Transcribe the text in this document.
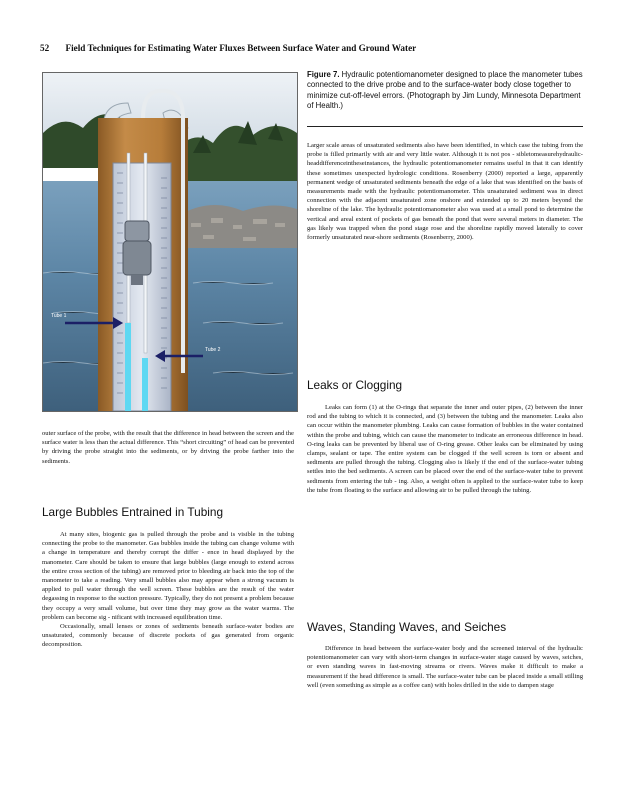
52 Field Techniques for Estimating Water Fluxes Between Surface Water and Ground Water
Tube 1
Tube 2
Figure 7. Hydraulic potentiomanometer designed to place the manometer tubes connected to the drive probe and to the surface-water body close together to minimize cut-off-level errors. (Photograph by Jim Lundy, Minnesota Department of Health.)

outer surface of the probe, with the result that the difference in head between the screen and the surface water is less than the actual difference. This “short circuiting” of head can be prevented by driving the probe straight into the sediments, or by driving the probe farther into the sediments.

Large Bubbles Entrained in Tubing

At many sites, biogenic gas is pulled through the probe and is visible in the tubing connecting the probe to the manometer. Gas bubbles inside the tubing can change volume with a change in temperature and thereby corrupt the differ - ence in head displayed by the manometer. Care should be taken to ensure that large bubbles (large enough to extend across the entire cross section of the tubing) are removed prior to bleeding air back into the top of the manometer to take a reading. Very small bubbles also may appear when a strong vacuum is applied to pull water through the well screen. These bubbles are the result of the water degassing in response to the suction pressure. Typically, they do not present a problem because they occupy a very small volume, but over time they may grow as the water warms. The problem can become sig - nificant with increased equilibration time.

Occasionally, small lenses or zones of sediments beneath surface-water bodies are unsaturated, commonly because of discrete pockets of gas generated from organic decomposition.

Larger scale areas of unsaturated sediments also have been identified, in which case the tubing from the probe is filled primarily with air and very little water. Although it is not pos - sibletomeasurehydraulic-headdifferenceintheseinstances, the hydraulic potentiomanometer remains useful in that it can identify these sometimes unexpected hydrologic conditions. Rosenberry (2000) reported a large, apparently permanent wedge of unsaturated sediments beneath the edge of a lake that was identified on the basis of measurements made with the hydraulic potentiomanometer. This unsaturated sediment was in direct connection with the adjacent unsaturated zone onshore and extended up to 20 meters beyond the shoreline of the lake. The hydraulic potentiomanometer also was used at a small pond to determine the vertical and areal extent of pockets of gas beneath the pond that were several meters in diameter. The gas likely was trapped when the pond stage rose and the shoreline rapidly moved laterally to cover formerly unsaturated near-shore sediments (Rosenberry, 2000).

Leaks or Clogging

Leaks can form (1) at the O-rings that separate the inner and outer pipes, (2) between the inner rod and the tubing to which it is connected, and (3) between the tubing and the manometer. Leaks also can occur within the manometer plumbing. Leaks can cause formation of bubbles in the water contained within the probe and tubing, which can cause the manometer to indicate an erroneous difference in head. O-ring leaks can be prevented by liberal use of O-ring grease. Other leaks can be eliminated by using clamps, sealant or tape. The entire system can be clogged if the well screen is torn or absent and sediments are pulled through the tubing. Clogging also is likely if the end of the surface-water tubing settles into the bed sediments. A screen can be placed over the end of the surface-water tube to prevent sediments from entering the tub - ing. Also, a weight often is applied to the surface-water tube to keep the tube from floating to the surface and allowing air to be pulled through the tubing.

Waves, Standing Waves, and Seiches

Difference in head between the surface-water body and the screened interval of the hydraulic potentiomanometer can vary with short-term changes in surface-water stage caused by waves, seiches, or even standing waves in fast-moving streams or rivers. Waves make it difficult to make a measurement if the head difference is small. The surface-water tube can be placed inside a small stilling well (even something as simple as a coffee can) with holes drilled in the side to dampen stage
